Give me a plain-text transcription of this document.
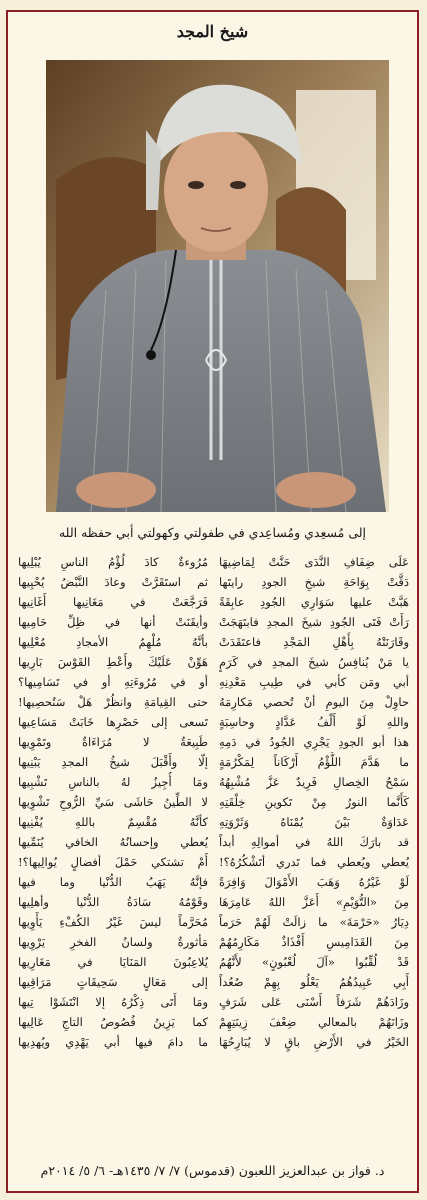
شيخ المجد
إلى مُسعِدي ومُساعِدي في طفولتي وكهولتي أبي حفظه الله
عَلَى ضِفَافِ النَّدَى حَنَّتْ لِمَاضِيهَا
دَقَّتْ بِوَاحَةِ شيخِ الجودِ رايتَها
هَبَّتْ عليها سَوَارِي الجُودِ عابِقَةً
رَأَتْ فَتَى الجُودِ شيخَ المجدِ فابتَهَجَتْ
وقَارَنَتْهُ بِأَهْلِ المَجْدِ فاعتَقَدَتْ
يا مَنْ يُنافِسُ شيخَ المجدِ في كَرَمٍ
أبي ومَن كأبي في طِيبِ مَعْدِنِهِ
حاوِلْ مِنَ اليومِ أنْ تُحصي مَكارِمَهُ
واللهِ لَوْ أَلْفُ عَدَّادٍ وحاسِبَةٍ
هذا أبو الجودِ يَجْرِي الجُودُ في دَمِهِ
ما هَدَّمَ اللُّؤْمُ أَرْكَاناً لِمَكْرُمَةٍ
سَمْحُ الخِصالِ فَرِيدٌ عَزَّ مُشْبِهُهُ
كَأَنَّما النورُ مِنْ تَكوينِ خِلْقَتِهِ
عَدَاوَةٌ بَيْنَ يُمْنَاهُ وَثَرْوَتِهِ
قد بارَكَ اللهُ في أموالِهِ أبداً
يُعطي ويُعطي فما تَدري أتَشْكُرُهُ؟!
لَوْ غَيْرُهُ وَهَبَ الأَمْوَالَ وَافِرَةً
مِنَ «التُّوَيْمِ» أَعَزَّ اللهُ عَامِرَهَا
دِيَارُ «حَرْمَةَ» ما زالَتْ لَهُمْ حَرَماً
مِنَ القَدَامِيسِ أَفْذَاذٌ مَكَارِمُهُمْ
قَدْ لُقِّبُوا «آلَ لُعْبُونٍ» لأَنَّهُمُ
أَبِي عَبِيدُهُمُ يَعْلُو بِهِمْ صُعُداً
وزَادَهُمْ شَرَفاً أَسْنَى عَلى شَرَفٍ
وزَانَهُمْ بالمعالي ضِعْفَ زِينَتِهِمْ
الخَيْرُ في الأَرْضِ باقٍ لا يُبَارِحُهَا
مُرُوءةٌ كادَ لُؤْمُ الناسِ يُبْلِيها
ثم استَقَرَّتْ وعادَ النَّبْضُ يُحْيِيها
فَرَجَّعَتْ في مَغَانِيها أَغَانِيها
وأيقَنَتْ أنها في ظِلِّ حَامِيها
بأنَّهُ مُلْهِمُ الأمجادِ مُعْلِيها
هَوِّنْ عَلَيْكَ وأَعْطِ القَوْسَ بَارِيها
أو في مُرُوءَتِهِ أو في تَسَامِيها؟
حتى القِيامَةِ وانظُرْ هَلْ سَتُحصِيها!
تَسعى إلى حَصْرِها خَابَتْ مَسَاعِيها
طَبِيعَةٌ لا مُرَاءَاةٌ وتَمْوِيها
إلّا وأَقْبَلَ شيخُ المجدِ يَبْنِيها
ومَا أُجِيزُ لهُ بالناسِ تَشْبِيها
لا الطِّينُ حَاشَى سَيِّ الرُّوحِ تَشْوِيها
كأنَّهُ مُقْسِمٌ باللهِ يُفْنِيها
يُعطي وإحسانُهُ الخافي يُنَمِّيها
أَمْ تشتكي حَمْلَ أفضالٍ يُوالِيها؟!
فإنَّهُ يَهَبُ الدُّنْيا وما فيها
وقَوْمُهُ سَادَةُ الدُّنْيا وأهلِيها
مُحَرَّماً ليسَ غَيْرُ الكُفْءِ يَأْوِيها
مَأثورةٌ ولسانُ الفخرِ يَرْوِيها
يُلاعِبُونَ المَنَايَا في مَغَارِيها
إلى مَعَالٍ سَحِيقَاتٍ مَرَاقِيها
ومَا أَتَى ذِكْرُهُ إلا انْتَشَوْا تِيها
كما يَزِينُ فُصُوصُ التاجِ عَالِيها
ما دامَ فيها أبي يَهْدِي ويُهدِيها
د. فواز بن عبدالعزيز اللعبون (قدموس) ٧/ ٧/ ١٤٣٥هـ- ٦/ ٥/ ٢٠١٤م
